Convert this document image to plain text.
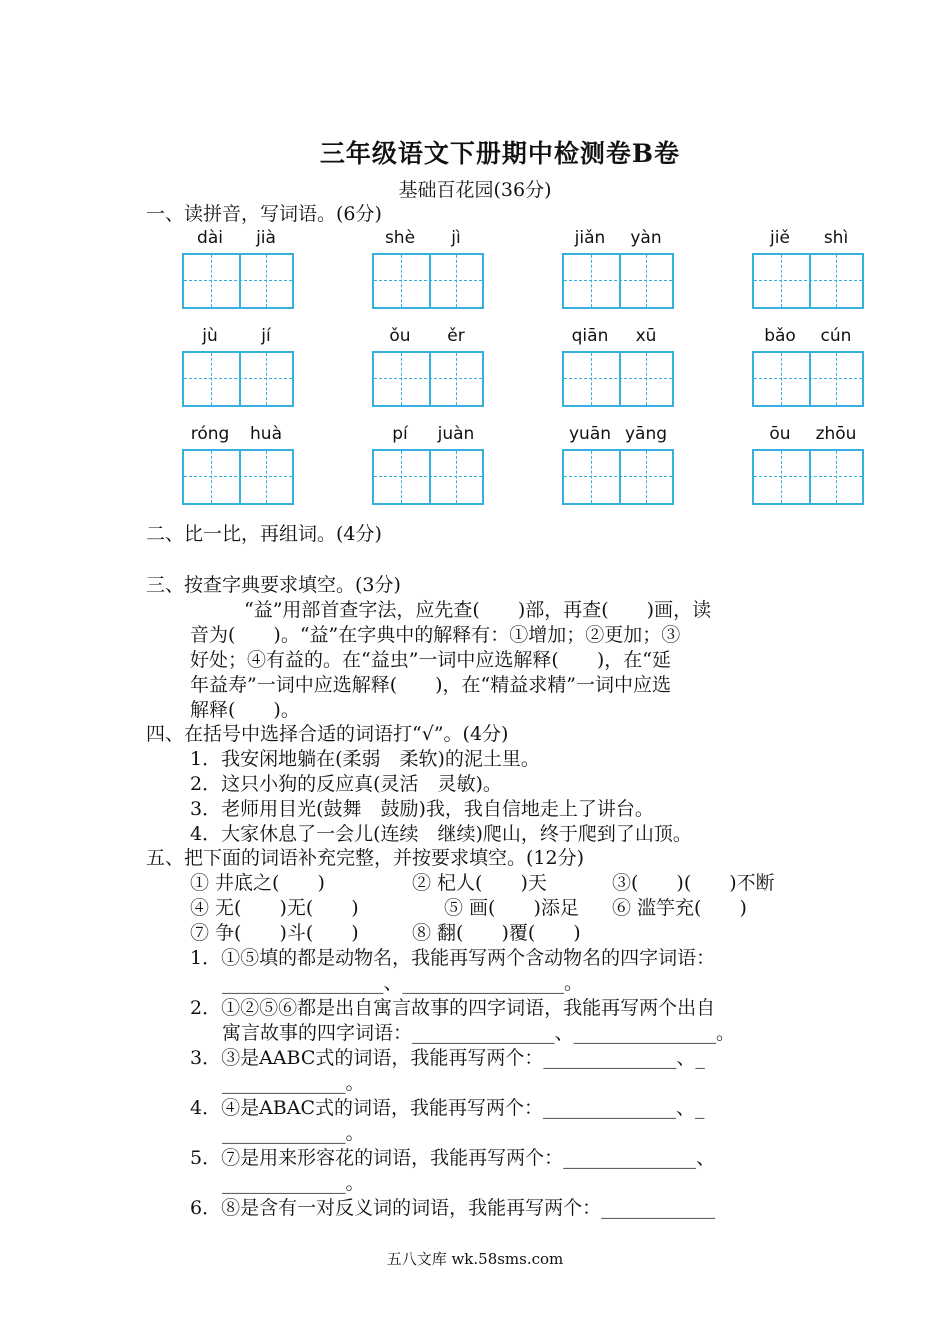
三年级语文下册期中检测卷B卷
基础百花园(36分)
一、读拼音，写词语。(6分)
dài	jià	shè	jì	jiǎn	yàn	jiě	shì
jù	jí	ǒu	ěr	qiān	xū	bǎo	cún
róng	huà	pí	juàn	yuān yāng	ōu	zhōu
二、比一比，再组词。(4分)
三、按查字典要求填空。(3分)
“益”用部首查字法，应先查(　　)部，再查(　　)画，读
音为(　　)。“益”在字典中的解释有：①增加；②更加；③
好处；④有益的。在“益虫”一词中应选解释(　　)，在“延
年益寿”一词中应选解释(　　)，在“精益求精”一词中应选
解释(　　)。
四、在括号中选择合适的词语打“√”。(4分)
1．我安闲地躺在(柔弱　柔软)的泥土里。
2．这只小狗的反应真(灵活　灵敏)。
3．老师用目光(鼓舞　鼓励)我，我自信地走上了讲台。
4．大家休息了一会儿(连续　继续)爬山，终于爬到了山顶。
五、把下面的词语补充完整，并按要求填空。(12分)
① 井底之(　　)	② 杞人(　　)天	③(　　)(　　)不断
④ 无(　　)无(　　)	⑤ 画(　　)添足 ⑥ 滥竽充(　　)
⑦ 争(　　)斗(　　)	⑧ 翻(　　)覆(　　)
1．①⑤填的都是动物名，我能再写两个含动物名的四字词语：
_________________、_________________。
2．①②⑤⑥都是出自寓言故事的四字词语，我能再写两个出自
寓言故事的四字词语：_______________、_______________。
3．③是AABC式的词语，我能再写两个：______________、_
_____________。
4．④是ABAC式的词语，我能再写两个：______________、_
_____________。
5．⑦是用来形容花的词语，我能再写两个：______________、
_____________。
6．⑧是含有一对反义词的词语，我能再写两个：____________
五八文库 wk.58sms.com
